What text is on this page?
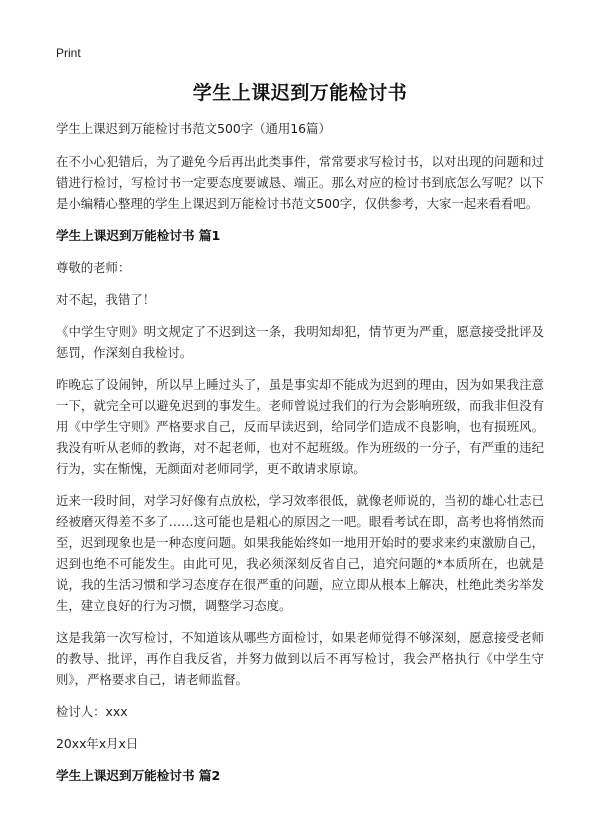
Print
学生上课迟到万能检讨书

学生上课迟到万能检讨书范文500字（通用16篇）

在不小心犯错后，为了避免今后再出此类事件，常常要求写检讨书，以对出现的问题和过错进行检讨，写检讨书一定要态度要诚恳、端正。那么对应的检讨书到底怎么写呢？以下是小编精心整理的学生上课迟到万能检讨书范文500字，仅供参考，大家一起来看看吧。

学生上课迟到万能检讨书 篇1

尊敬的老师：

对不起，我错了！

《中学生守则》明文规定了不迟到这一条，我明知却犯，情节更为严重，愿意接受批评及惩罚，作深刻自我检讨。

昨晚忘了设闹钟，所以早上睡过头了，虽是事实却不能成为迟到的理由，因为如果我注意一下，就完全可以避免迟到的事发生。老师曾说过我们的行为会影响班级，而我非但没有用《中学生守则》严格要求自己，反而早读迟到，给同学们造成不良影响，也有损班风。我没有听从老师的教诲，对不起老师，也对不起班级。作为班级的一分子，有严重的违纪行为，实在惭愧，无颜面对老师同学，更不敢请求原谅。

近来一段时间，对学习好像有点放松，学习效率很低，就像老师说的，当初的雄心壮志已经被磨灭得差不多了……这可能也是粗心的原因之一吧。眼看考试在即，高考也将悄然而至，迟到现象也是一种态度问题。如果我能始终如一地用开始时的要求来约束激励自己，迟到也绝不可能发生。由此可见，我必须深刻反省自己，追究问题的*本质所在，也就是说，我的生活习惯和学习态度存在很严重的问题，应立即从根本上解决，杜绝此类劣举发生，建立良好的行为习惯，调整学习态度。

这是我第一次写检讨，不知道该从哪些方面检讨，如果老师觉得不够深刻，愿意接受老师的教导、批评，再作自我反省，并努力做到以后不再写检讨，我会严格执行《中学生守则》，严格要求自己，请老师监督。

检讨人：xxx

20xx年x月x日

学生上课迟到万能检讨书 篇2
